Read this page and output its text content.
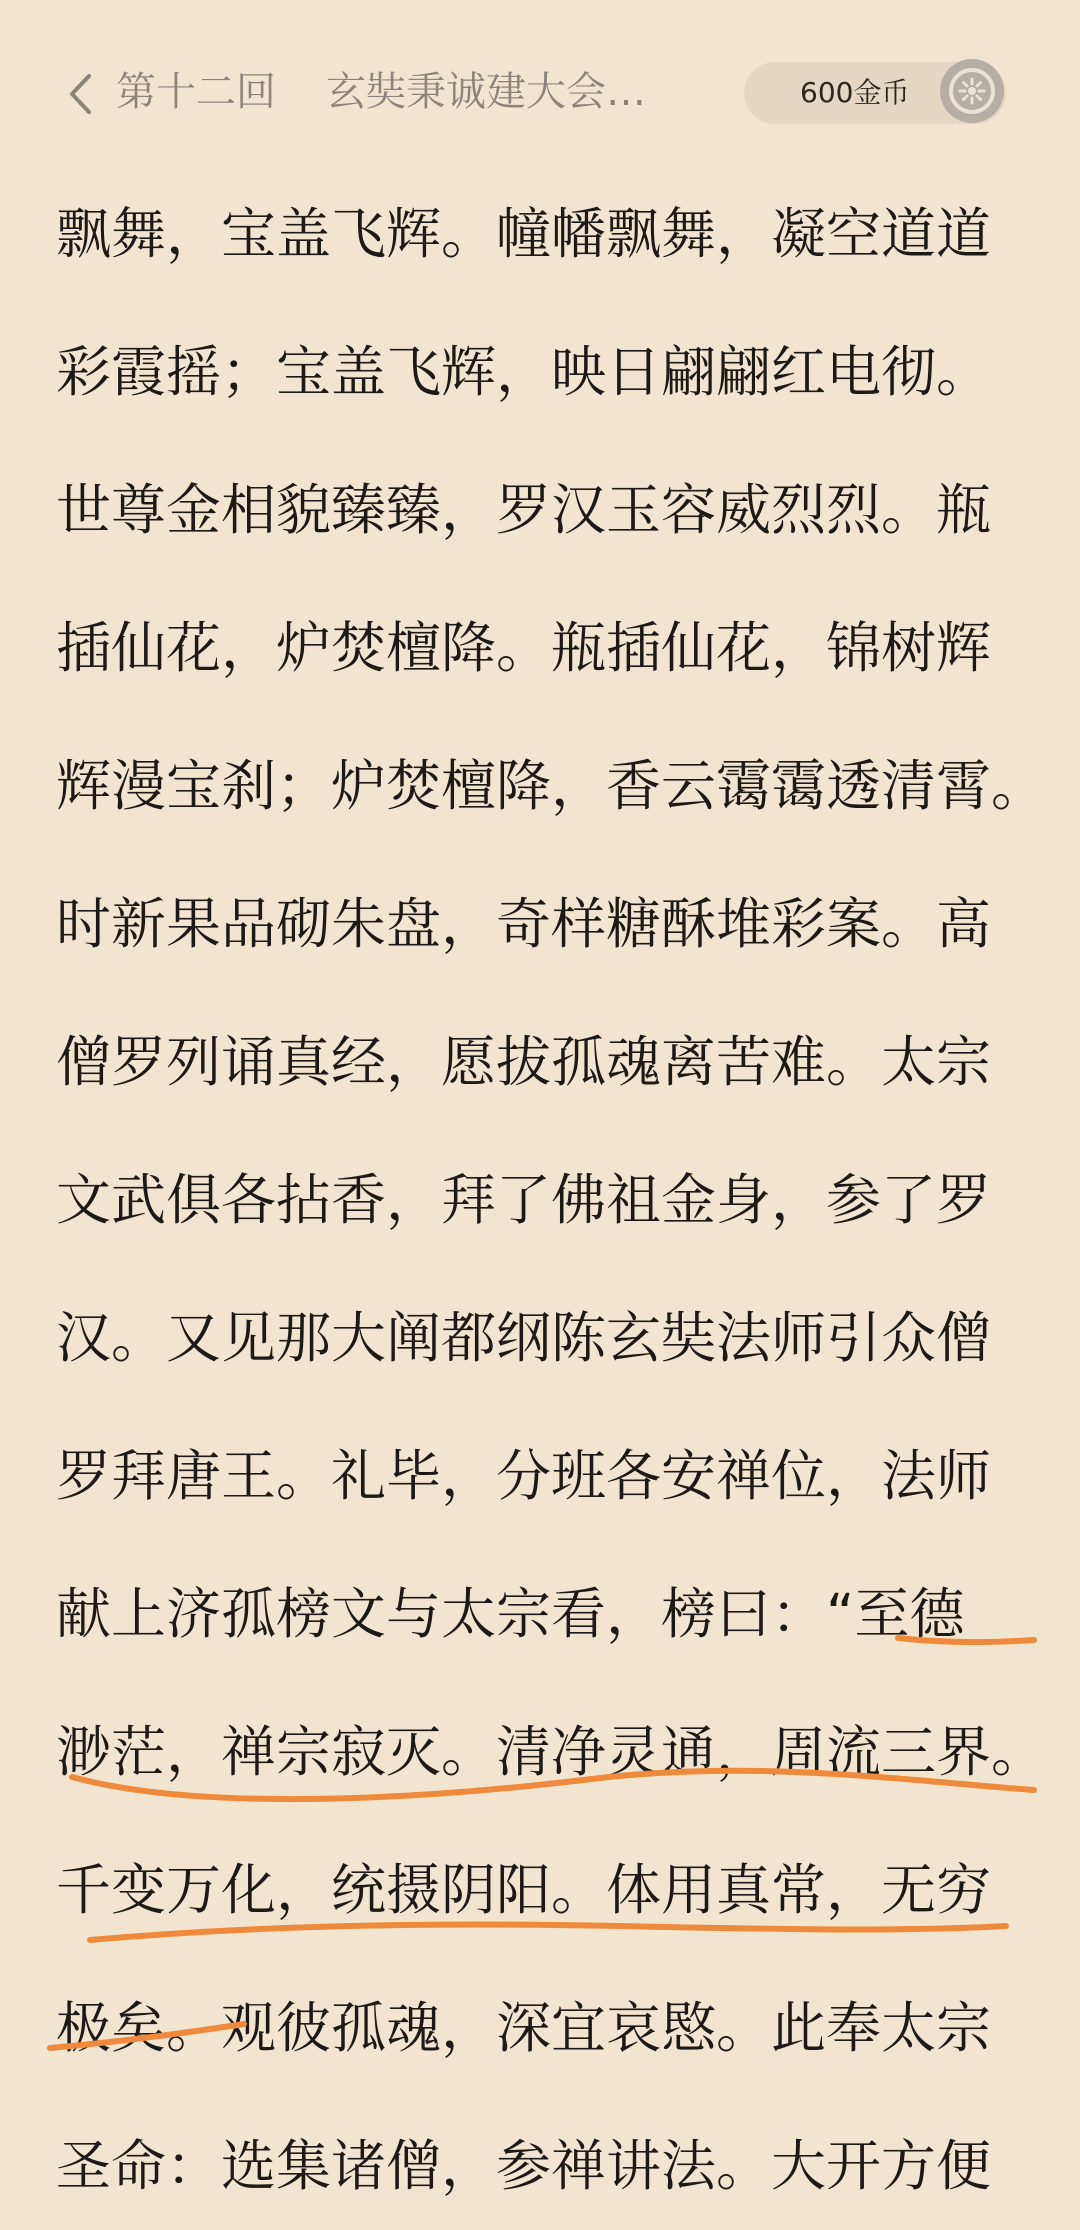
第十二回 玄奘秉诚建大会…	600金币
飘舞，宝盖飞辉。幢幡飘舞，凝空道道
彩霞摇；宝盖飞辉，映日翩翩红电彻。
世尊金相貌臻臻，罗汉玉容威烈烈。瓶
插仙花，炉焚檀降。瓶插仙花，锦树辉
辉漫宝刹；炉焚檀降，香云霭霭透清霄。
时新果品砌朱盘，奇样糖酥堆彩案。高
僧罗列诵真经，愿拔孤魂离苦难。太宗
文武俱各拈香，拜了佛祖金身，参了罗
汉。又见那大阐都纲陈玄奘法师引众僧
罗拜唐王。礼毕，分班各安禅位，法师
献上济孤榜文与太宗看，榜曰：“至德
渺茫，禅宗寂灭。清净灵通，周流三界。
千变万化，统摄阴阳。体用真常，无穷
极矣。观彼孤魂，深宜哀愍。此奉太宗
圣命：选集诸僧，参禅讲法。大开方便
